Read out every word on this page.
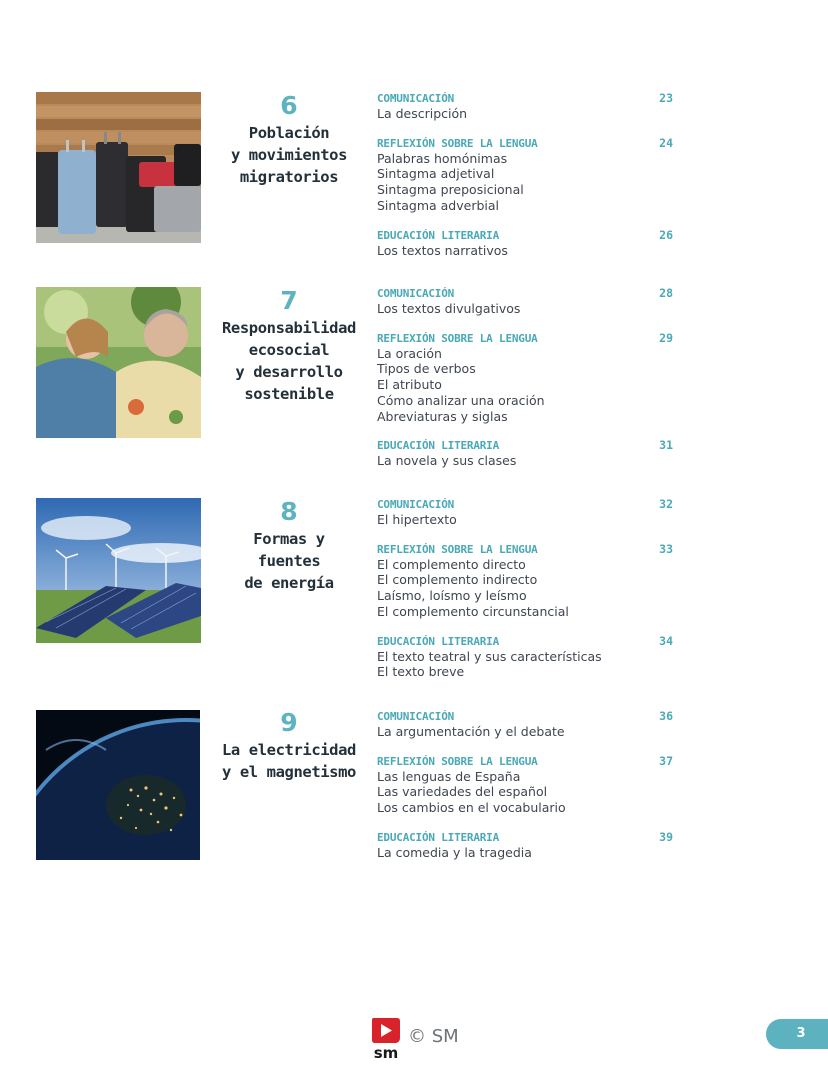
6
Población
y movimientos
migratorios
COMUNICACIÓN	23
La descripción
REFLEXIÓN SOBRE LA LENGUA	24
Palabras homónimas
Sintagma adjetival
Sintagma preposicional
Sintagma adverbial
EDUCACIÓN LITERARIA	26
Los textos narrativos
7
Responsabilidad
ecosocial
y desarrollo
sostenible
COMUNICACIÓN	28
Los textos divulgativos
REFLEXIÓN SOBRE LA LENGUA	29
La oración
Tipos de verbos
El atributo
Cómo analizar una oración
Abreviaturas y siglas
EDUCACIÓN LITERARIA	31
La novela y sus clases
8
Formas y fuentes
de energía
COMUNICACIÓN	32
El hipertexto
REFLEXIÓN SOBRE LA LENGUA	33
El complemento directo
El complemento indirecto
Laísmo, loísmo y leísmo
El complemento circunstancial
EDUCACIÓN LITERARIA	34
El texto teatral y sus características
El texto breve
9
La electricidad
y el magnetismo
COMUNICACIÓN	36
La argumentación y el debate
REFLEXIÓN SOBRE LA LENGUA	37
Las lenguas de España
Las variedades del español
Los cambios en el vocabulario
EDUCACIÓN LITERARIA	39
La comedia y la tragedia
sm
© SM	3
